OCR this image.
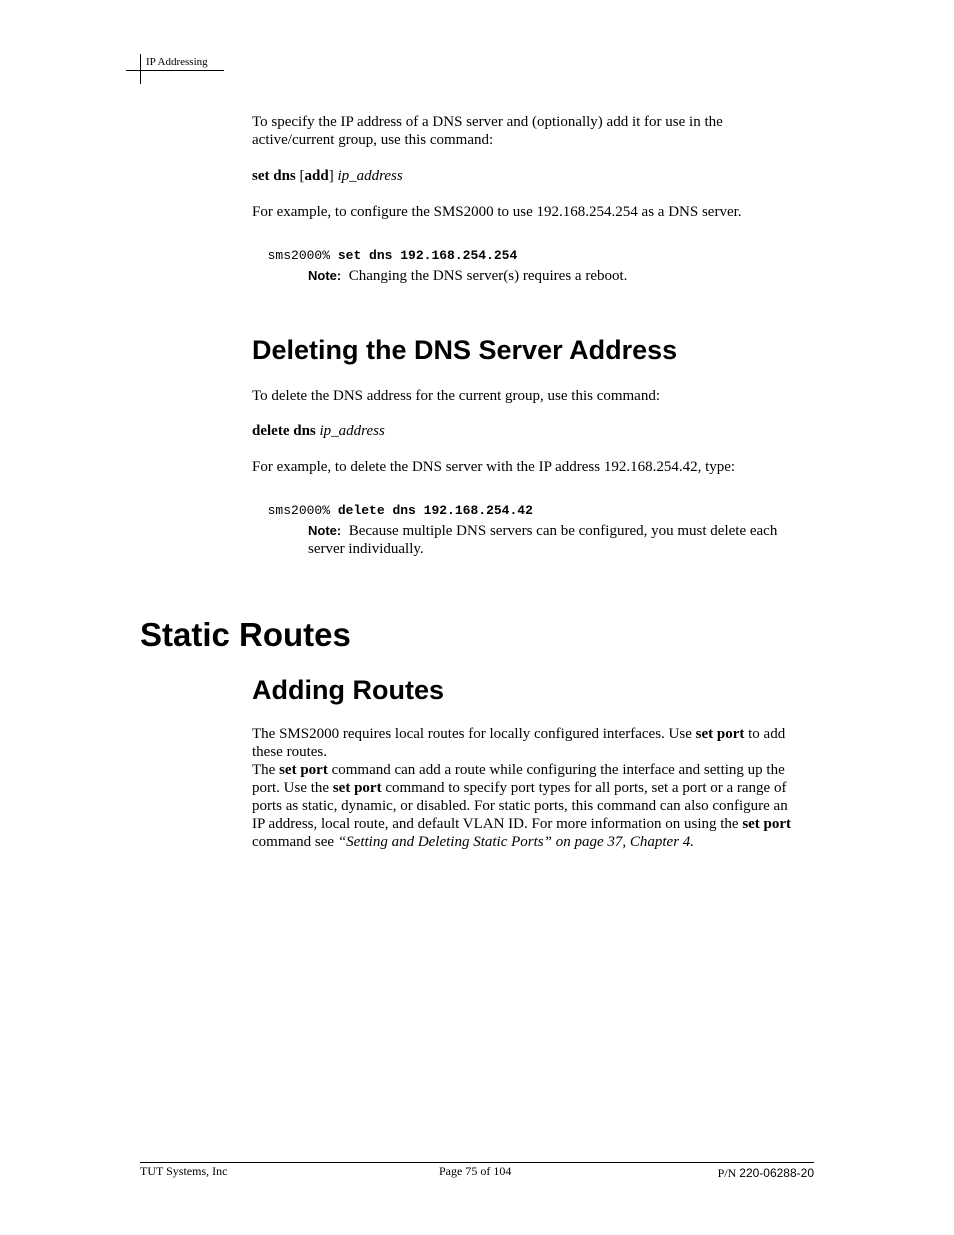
IP Addressing
To specify the IP address of a DNS server and (optionally) add it for use in the active/current group, use this command:
set dns [add] ip_address
For example, to configure the SMS2000 to use 192.168.254.254 as a DNS server.

sms2000% set dns 192.168.254.254

Note: Changing the DNS server(s) requires a reboot.
Deleting the DNS Server Address
To delete the DNS address for the current group, use this command:
delete dns ip_address
For example, to delete the DNS server with the IP address 192.168.254.42, type:

sms2000% delete dns 192.168.254.42

Note: Because multiple DNS servers can be configured, you must delete each
server individually.
Static Routes
Adding Routes
The SMS2000 requires local routes for locally configured interfaces. Use set port to add
these routes.
The set port command can add a route while configuring the interface and setting up the
port. Use the set port command to specify port types for all ports, set a port or a range of
ports as static, dynamic, or disabled. For static ports, this command can also configure an
IP address, local route, and default VLAN ID. For more information on using the set port
command see “Setting and Deleting Static Ports” on page 37, Chapter 4.
TUT Systems, Inc	Page 75 of 104	P/N 220-06288-20
